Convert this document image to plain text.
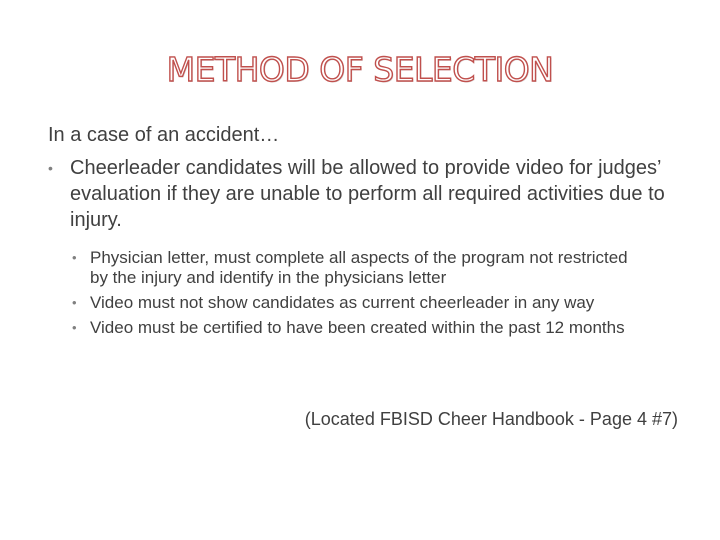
METHOD OF SELECTION
In a case of an accident…
• Cheerleader candidates will be allowed to provide video for judges’ evaluation if they are unable to perform all required activities due to injury.
• Physician letter, must complete all aspects of the program not restricted by the injury and identify in the physicians letter
• Video must not show candidates as current cheerleader in any way
• Video must be certified to have been created within the past 12 months
(Located FBISD Cheer Handbook - Page 4 #7)
